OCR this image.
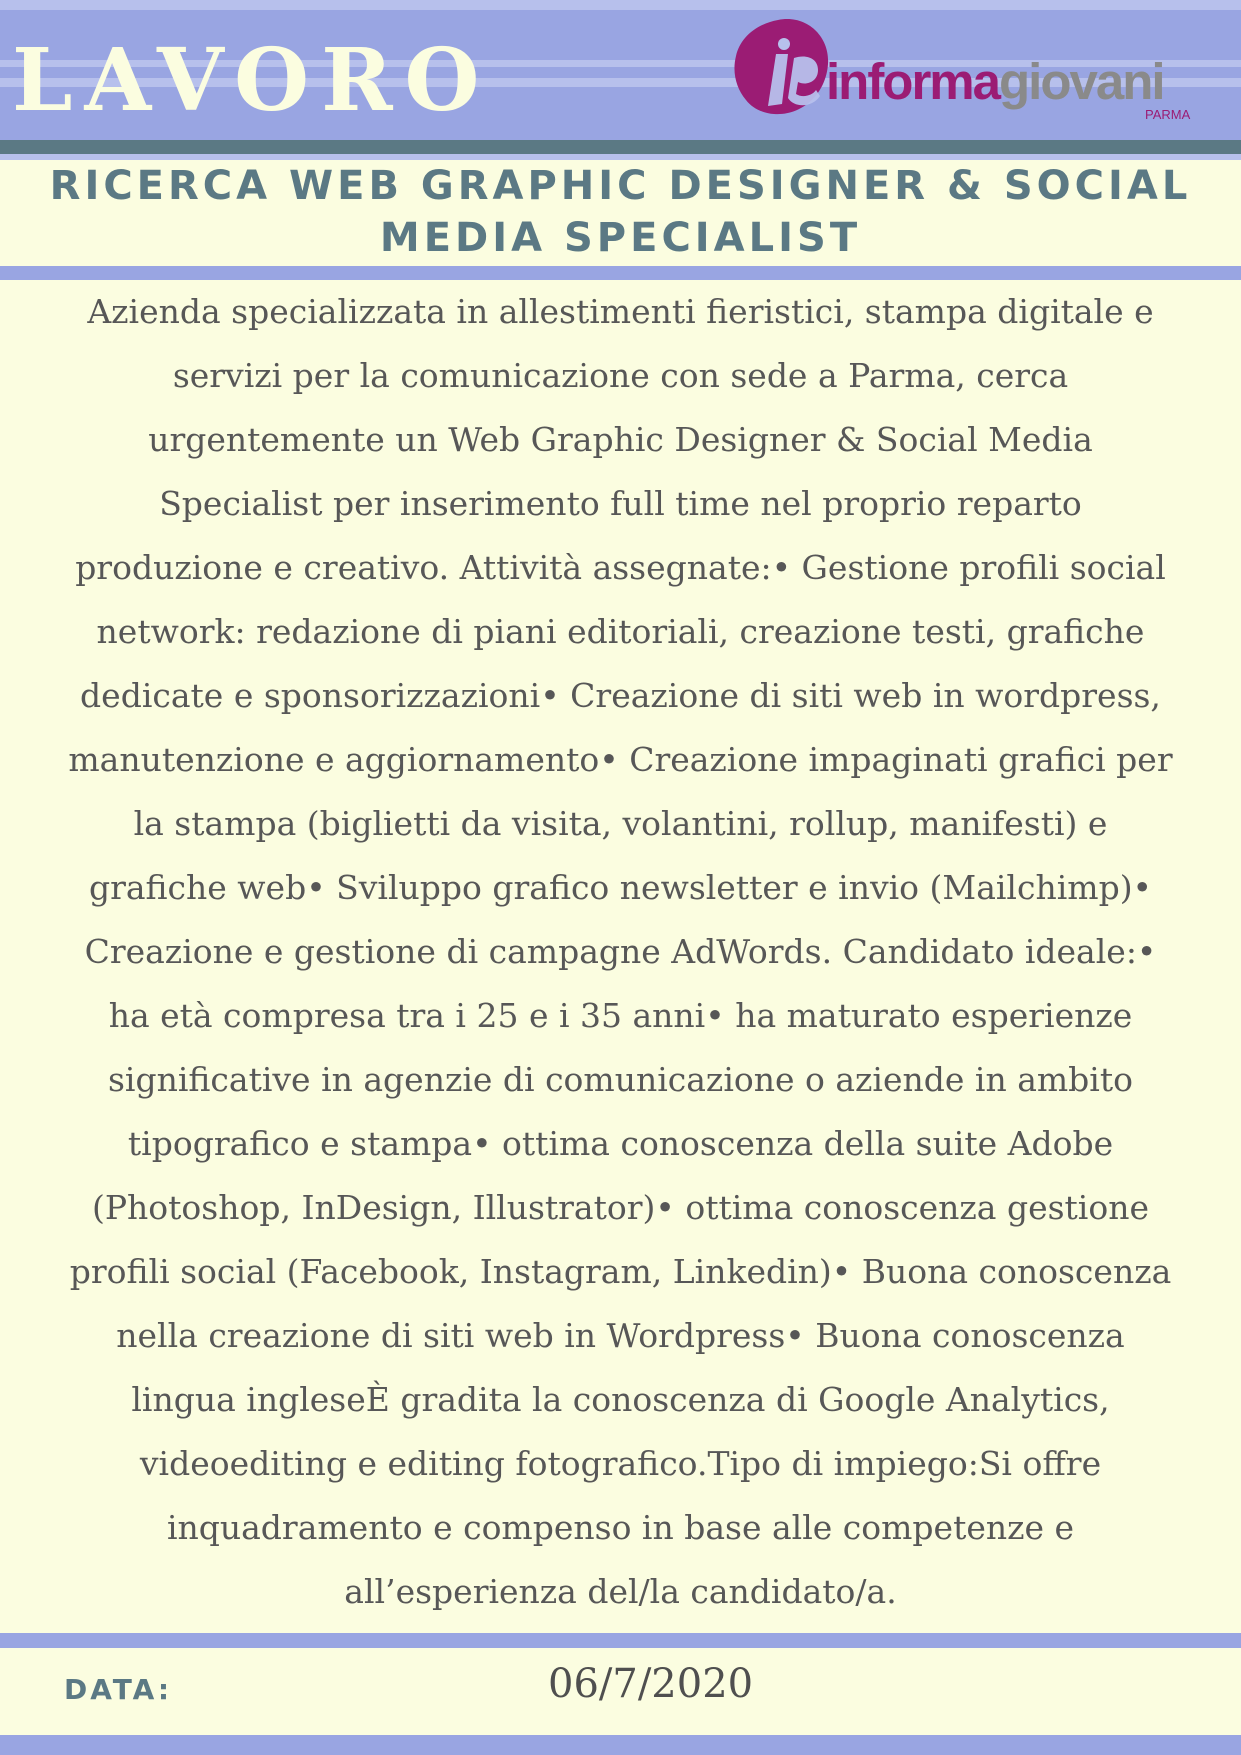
LAVORO	informagiovani
PARMA
RICERCA WEB GRAPHIC DESIGNER & SOCIAL MEDIA SPECIALIST
Azienda specializzata in allestimenti fieristici, stampa digitale e
servizi per la comunicazione con sede a Parma, cerca
urgentemente un Web Graphic Designer & Social Media
Specialist per inserimento full time nel proprio reparto
produzione e creativo. Attività assegnate:• Gestione profili social
network: redazione di piani editoriali, creazione testi, grafiche
dedicate e sponsorizzazioni• Creazione di siti web in wordpress,
manutenzione e aggiornamento• Creazione impaginati grafici per
la stampa (biglietti da visita, volantini, rollup, manifesti) e
grafiche web• Sviluppo grafico newsletter e invio (Mailchimp)•
Creazione e gestione di campagne AdWords. Candidato ideale:•
ha età compresa tra i 25 e i 35 anni• ha maturato esperienze
significative in agenzie di comunicazione o aziende in ambito
tipografico e stampa• ottima conoscenza della suite Adobe
(Photoshop, InDesign, Illustrator)• ottima conoscenza gestione
profili social (Facebook, Instagram, Linkedin)• Buona conoscenza
nella creazione di siti web in Wordpress• Buona conoscenza
lingua ingleseÈ gradita la conoscenza di Google Analytics,
videoediting e editing fotografico.Tipo di impiego:Si offre
inquadramento e compenso in base alle competenze e
all’esperienza del/la candidato/a.

DATA:	06/7/2020
